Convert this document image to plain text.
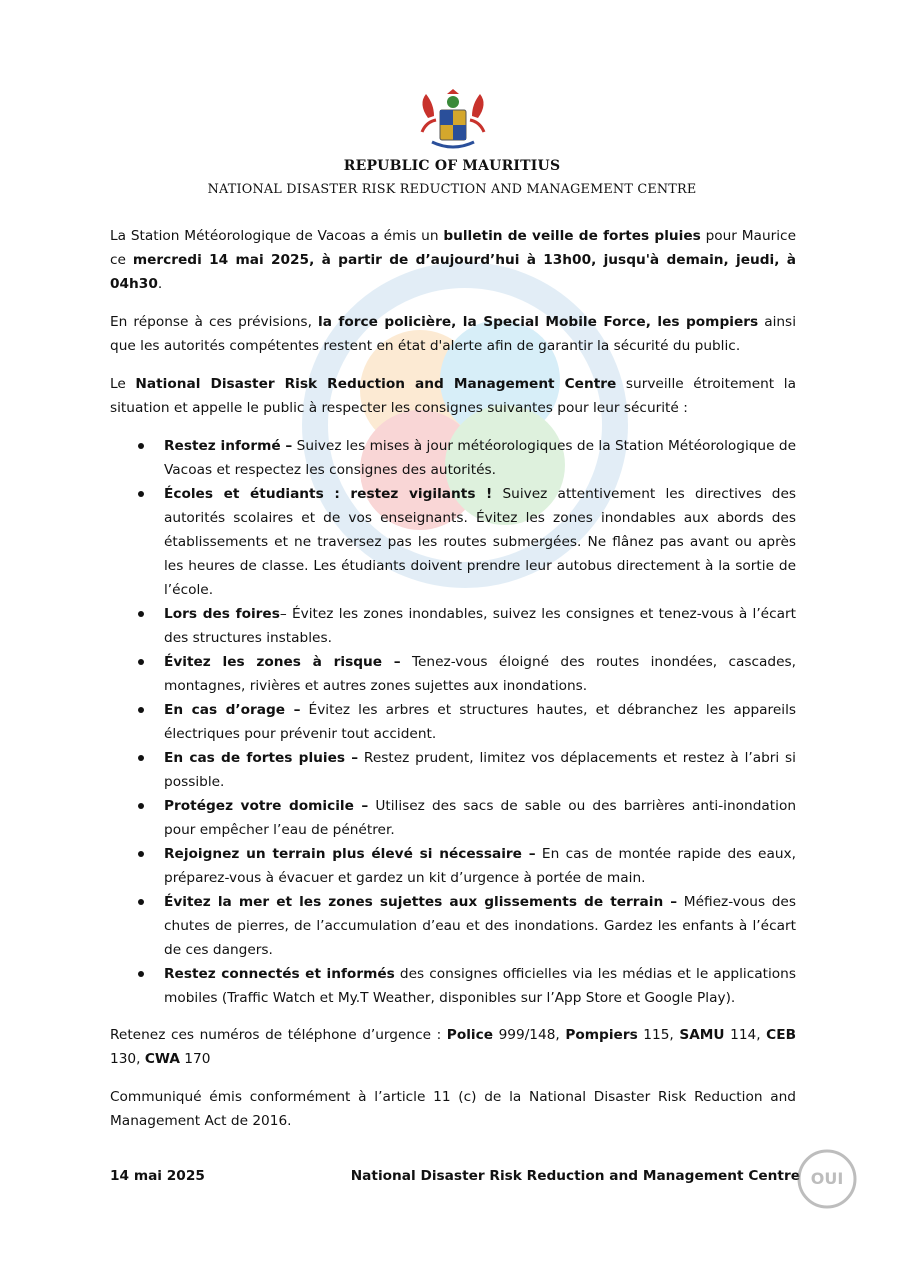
REPUBLIC OF MAURITIUS
NATIONAL DISASTER RISK REDUCTION AND MANAGEMENT CENTRE

La Station Météorologique de Vacoas a émis un bulletin de veille de fortes pluies pour Maurice ce mercredi 14 mai 2025, à partir de d’aujourd’hui à 13h00, jusqu'à demain, jeudi, à 04h30.

En réponse à ces prévisions, la force policière, la Special Mobile Force, les pompiers ainsi que les autorités compétentes restent en état d'alerte afin de garantir la sécurité du public.

Le National Disaster Risk Reduction and Management Centre surveille étroitement la situation et appelle le public à respecter les consignes suivantes pour leur sécurité :

Restez informé – Suivez les mises à jour météorologiques de la Station Météorologique de Vacoas et respectez les consignes des autorités.
Écoles et étudiants : restez vigilants ! Suivez attentivement les directives des autorités scolaires et de vos enseignants. Évitez les zones inondables aux abords des établissements et ne traversez pas les routes submergées. Ne flânez pas avant ou après les heures de classe. Les étudiants doivent prendre leur autobus directement à la sortie de l’école.
Lors des foires– Évitez les zones inondables, suivez les consignes et tenez-vous à l’écart des structures instables.
Évitez les zones à risque – Tenez-vous éloigné des routes inondées, cascades, montagnes, rivières et autres zones sujettes aux inondations.
En cas d’orage – Évitez les arbres et structures hautes, et débranchez les appareils électriques pour prévenir tout accident.
En cas de fortes pluies – Restez prudent, limitez vos déplacements et restez à l’abri si possible.
Protégez votre domicile – Utilisez des sacs de sable ou des barrières anti-inondation pour empêcher l’eau de pénétrer.
Rejoignez un terrain plus élevé si nécessaire – En cas de montée rapide des eaux, préparez-vous à évacuer et gardez un kit d’urgence à portée de main.
Évitez la mer et les zones sujettes aux glissements de terrain – Méfiez-vous des chutes de pierres, de l’accumulation d’eau et des inondations. Gardez les enfants à l’écart de ces dangers.
Restez connectés et informés des consignes officielles via les médias et le applications mobiles (Traffic Watch et My.T Weather, disponibles sur l’App Store et Google Play).

Retenez ces numéros de téléphone d’urgence : Police 999/148, Pompiers 115, SAMU 114, CEB 130, CWA 170

Communiqué émis conformément à l’article 11 (c) de la National Disaster Risk Reduction and Management Act de 2016.

14 mai 2025	National Disaster Risk Reduction and Management Centre OUI
